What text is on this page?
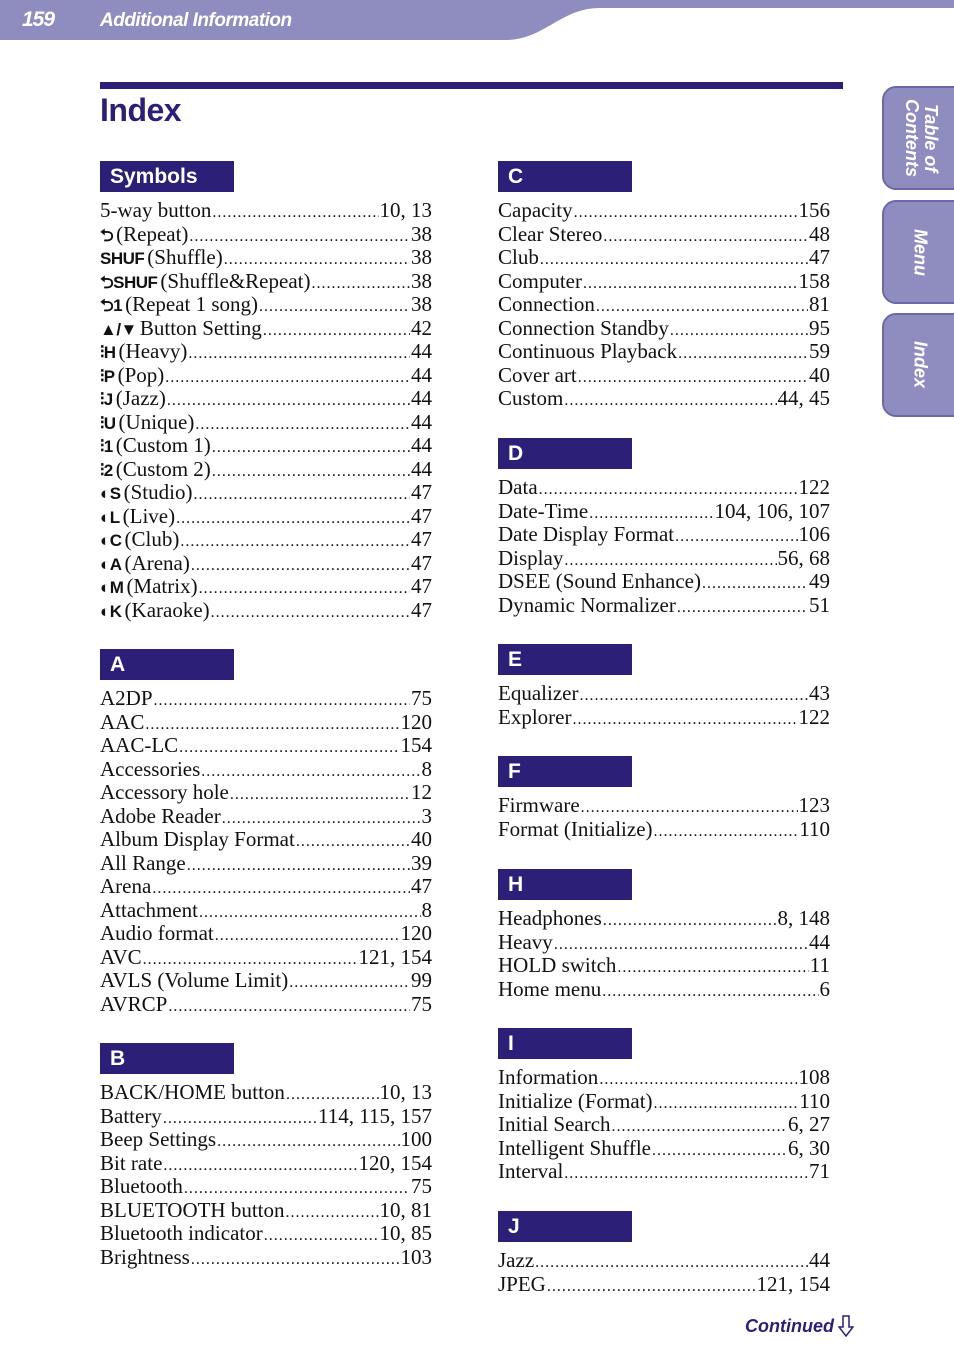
159 Additional Information
Index	Table of Contents
Menu
Index
Symbols
5-way button .....	10, 13
⮌ (Repeat) .....	38
SHUF (Shuffle) .....	38
⮌SHUF (Shuffle&Repeat) .....	38
⮌1 (Repeat 1 song) .....	38
▲/▼ Button Setting .....	42
⫶H (Heavy) .....	44
⫶P (Pop) .....	44
⫶J (Jazz) .....	44
⫶U (Unique) .....	44
⫶1 (Custom 1) .....	44
⫶2 (Custom 2) .....	44
◐S (Studio) .....	47
◐L (Live) .....	47
◐C (Club) .....	47
◐A (Arena) .....	47
◐M (Matrix) .....	47
◐K (Karaoke) .....	47
A
A2DP .....	75
AAC .....	120
AAC-LC .....	154
Accessories .....	8
Accessory hole .....	12
Adobe Reader .....	3
Album Display Format .....	40
All Range .....	39
Arena .....	47
Attachment .....	8
Audio format .....	120
AVC .....	121, 154
AVLS (Volume Limit) .....	99
AVRCP .....	75
B
BACK/HOME button .....	10, 13
Battery .....	114, 115, 157
Beep Settings .....	100
Bit rate .....	120, 154
Bluetooth .....	75
BLUETOOTH button .....	10, 81
Bluetooth indicator .....	10, 85
Brightness .....	103
C
Capacity .....	156
Clear Stereo .....	48
Club .....	47
Computer .....	158
Connection .....	81
Connection Standby .....	95
Continuous Playback .....	59
Cover art .....	40
Custom .....	44, 45
D
Data .....	122
Date-Time .....	104, 106, 107
Date Display Format .....	106
Display .....	56, 68
DSEE (Sound Enhance) .....	49
Dynamic Normalizer .....	51
E
Equalizer .....	43
Explorer .....	122
F
Firmware .....	123
Format (Initialize) .....	110
H
Headphones .....	8, 148
Heavy .....	44
HOLD switch .....	11
Home menu .....	6
I
Information .....	108
Initialize (Format) .....	110
Initial Search .....	6, 27
Intelligent Shuffle .....	6, 30
Interval .....	71
J
Jazz .....	44
JPEG .....	121, 154
Continued
